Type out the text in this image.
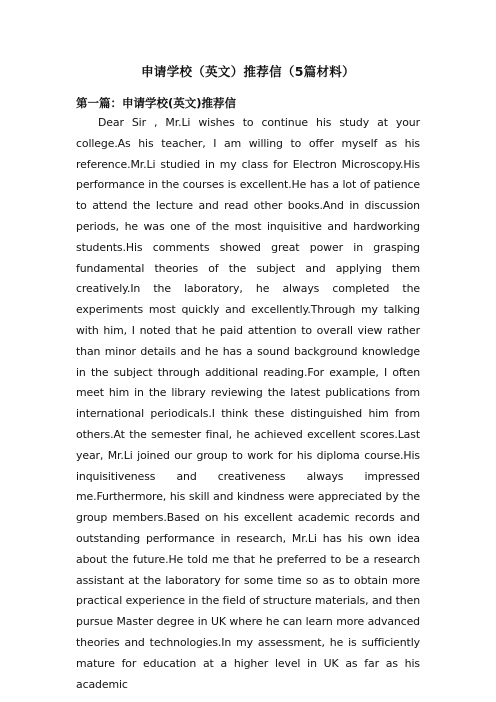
申请学校（英文）推荐信（5篇材料）
第一篇：申请学校(英文)推荐信

Dear Sir , Mr.Li wishes to continue his study at your college.As his teacher, I am willing to offer myself as his reference.Mr.Li studied in my class for Electron Microscopy.His performance in the courses is excellent.He has a lot of patience to attend the lecture and read other books.And in discussion periods, he was one of the most inquisitive and hardworking students.His comments showed great power in grasping fundamental theories of the subject and applying them creatively.In the laboratory, he always completed the experiments most quickly and excellently.Through my talking with him, I noted that he paid attention to overall view rather than minor details and he has a sound background knowledge in the subject through additional reading.For example, I often meet him in the library reviewing the latest publications from international periodicals.I think these distinguished him from others.At the semester final, he achieved excellent scores.Last year, Mr.Li joined our group to work for his diploma course.His inquisitiveness and creativeness always impressed me.Furthermore, his skill and kindness were appreciated by the group members.Based on his excellent academic records and outstanding performance in research, Mr.Li has his own idea about the future.He told me that he preferred to be a research assistant at the laboratory for some time so as to obtain more practical experience in the field of structure materials, and then pursue Master degree in UK where he can learn more advanced theories and technologies.In my assessment, he is sufficiently mature for education at a higher level in UK as far as his academic
